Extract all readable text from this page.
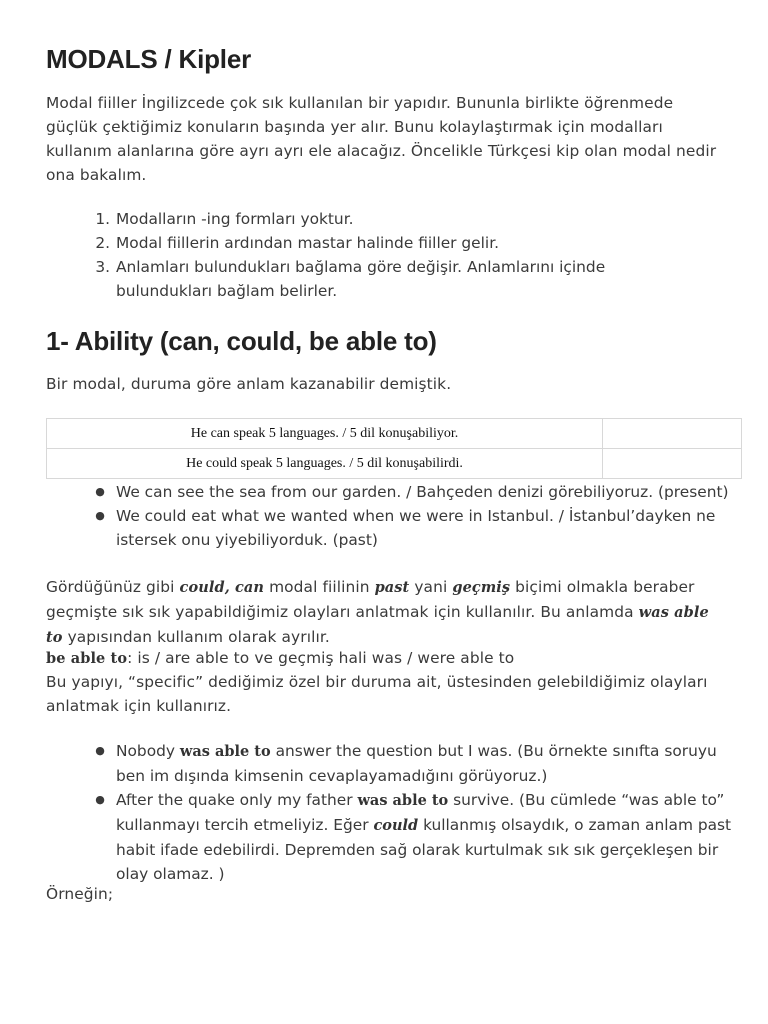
MODALS / Kipler

Modal fiiller İngilizcede çok sık kullanılan bir yapıdır. Bununla birlikte öğrenmede güçlük çektiğimiz konuların başında yer alır. Bunu kolaylaştırmak için modalları kullanım alanlarına göre ayrı ayrı ele alacağız. Öncelikle Türkçesi kip olan modal nedir ona bakalım.

1. Modalların -ing formları yoktur.
2. Modal fiillerin ardından mastar halinde fiiller gelir.
3. Anlamları bulundukları bağlama göre değişir. Anlamlarını içinde bulundukları bağlam belirler.
1- Ability (can, could, be able to)

Bir modal, duruma göre anlam kazanabilir demiştik.

He can speak 5 languages. / 5 dil konuşabiliyor.	
He could speak 5 languages. / 5 dil konuşabilirdi.	
● We can see the sea from our garden. / Bahçeden denizi görebiliyoruz. (present)
● We could eat what we wanted when we were in Istanbul. / İstanbul’dayken ne istersek onu yiyebiliyorduk. (past)

Gördüğünüz gibi could, can modal fiilinin past yani geçmiş biçimi olmakla beraber geçmişte sık sık yapabildiğimiz olayları anlatmak için kullanılır. Bu anlamda was able to yapısından kullanım olarak ayrılır.

be able to: is / are able to ve geçmiş hali was / were able to

Bu yapıyı, “specific” dediğimiz özel bir duruma ait, üstesinden gelebildiğimiz olayları anlatmak için kullanırız.

● Nobody was able to answer the question but I was. (Bu örnekte sınıfta soruyu ben im dışında kimsenin cevaplayamadığını görüyoruz.)
● After the quake only my father was able to survive. (Bu cümlede “was able to” kullanmayı tercih etmeliyiz. Eğer could kullanmış olsaydık, o zaman anlam past habit ifade edebilirdi. Depremden sağ olarak kurtulmak sık sık gerçekleşen bir olay olamaz. )

Örneğin;
